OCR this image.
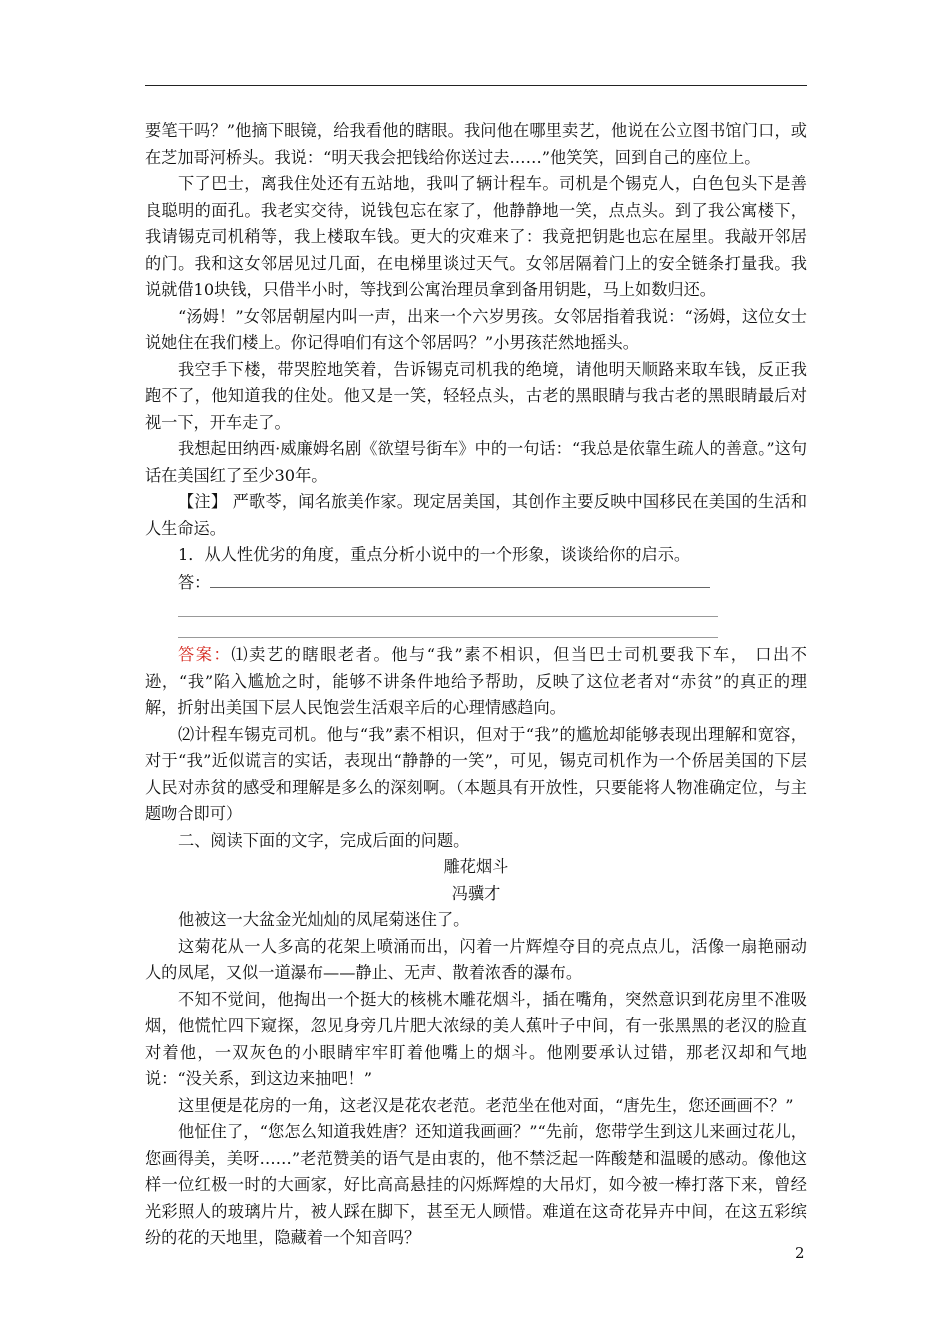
要笔干吗？”他摘下眼镜，给我看他的瞎眼。我问他在哪里卖艺，他说在公立图书馆门口，或在芝加哥河桥头。我说：“明天我会把钱给你送过去……”他笑笑，回到自己的座位上。

下了巴士，离我住处还有五站地，我叫了辆计程车。司机是个锡克人，白色包头下是善良聪明的面孔。我老实交待，说钱包忘在家了，他静静地一笑，点点头。到了我公寓楼下，我请锡克司机稍等，我上楼取车钱。更大的灾难来了：我竟把钥匙也忘在屋里。我敲开邻居的门。我和这女邻居见过几面，在电梯里谈过天气。女邻居隔着门上的安全链条打量我。我说就借10块钱，只借半小时，等找到公寓治理员拿到备用钥匙，马上如数归还。

“汤姆！”女邻居朝屋内叫一声，出来一个六岁男孩。女邻居指着我说：“汤姆，这位女士说她住在我们楼上。你记得咱们有这个邻居吗？”小男孩茫然地摇头。

我空手下楼，带哭腔地笑着，告诉锡克司机我的绝境，请他明天顺路来取车钱，反正我跑不了，他知道我的住处。他又是一笑，轻轻点头，古老的黑眼睛与我古老的黑眼睛最后对视一下，开车走了。

我想起田纳西·威廉姆名剧《欲望号街车》中的一句话：“我总是依靠生疏人的善意。”这句话在美国红了至少30年。

【注】 严歌苓，闻名旅美作家。现定居美国，其创作主要反映中国移民在美国的生活和人生命运。

1．从人性优劣的角度，重点分析小说中的一个形象，谈谈给你的启示。

答：

答案：⑴卖艺的瞎眼老者。他与“我”素不相识，但当巴士司机要我下车， 口出不逊，“我”陷入尴尬之时，能够不讲条件地给予帮助，反映了这位老者对“赤贫”的真正的理解，折射出美国下层人民饱尝生活艰辛后的心理情感趋向。

⑵计程车锡克司机。他与“我”素不相识，但对于“我”的尴尬却能够表现出理解和宽容，对于“我”近似谎言的实话，表现出“静静的一笑”，可见，锡克司机作为一个侨居美国的下层人民对赤贫的感受和理解是多么的深刻啊。（本题具有开放性，只要能将人物准确定位，与主题吻合即可）

二、阅读下面的文字，完成后面的问题。

雕花烟斗

冯骥才

他被这一大盆金光灿灿的凤尾菊迷住了。

这菊花从一人多高的花架上喷涌而出，闪着一片辉煌夺目的亮点点儿，活像一扇艳丽动人的凤尾，又似一道瀑布——静止、无声、散着浓香的瀑布。

不知不觉间，他掏出一个挺大的核桃木雕花烟斗，插在嘴角，突然意识到花房里不准吸烟，他慌忙四下窥探，忽见身旁几片肥大浓绿的美人蕉叶子中间，有一张黑黑的老汉的脸直对着他，一双灰色的小眼睛牢牢盯着他嘴上的烟斗。他刚要承认过错，那老汉却和气地说：“没关系，到这边来抽吧！”

这里便是花房的一角，这老汉是花农老范。老范坐在他对面，“唐先生，您还画画不？”

他怔住了，“您怎么知道我姓唐？还知道我画画？”“先前，您带学生到这儿来画过花儿，您画得美，美呀……”老范赞美的语气是由衷的，他不禁泛起一阵酸楚和温暖的感动。像他这样一位红极一时的大画家，好比高高悬挂的闪烁辉煌的大吊灯，如今被一棒打落下来，曾经光彩照人的玻璃片片，被人踩在脚下，甚至无人顾惜。难道在这奇花异卉中间，在这五彩缤纷的花的天地里，隐藏着一个知音吗？

2
